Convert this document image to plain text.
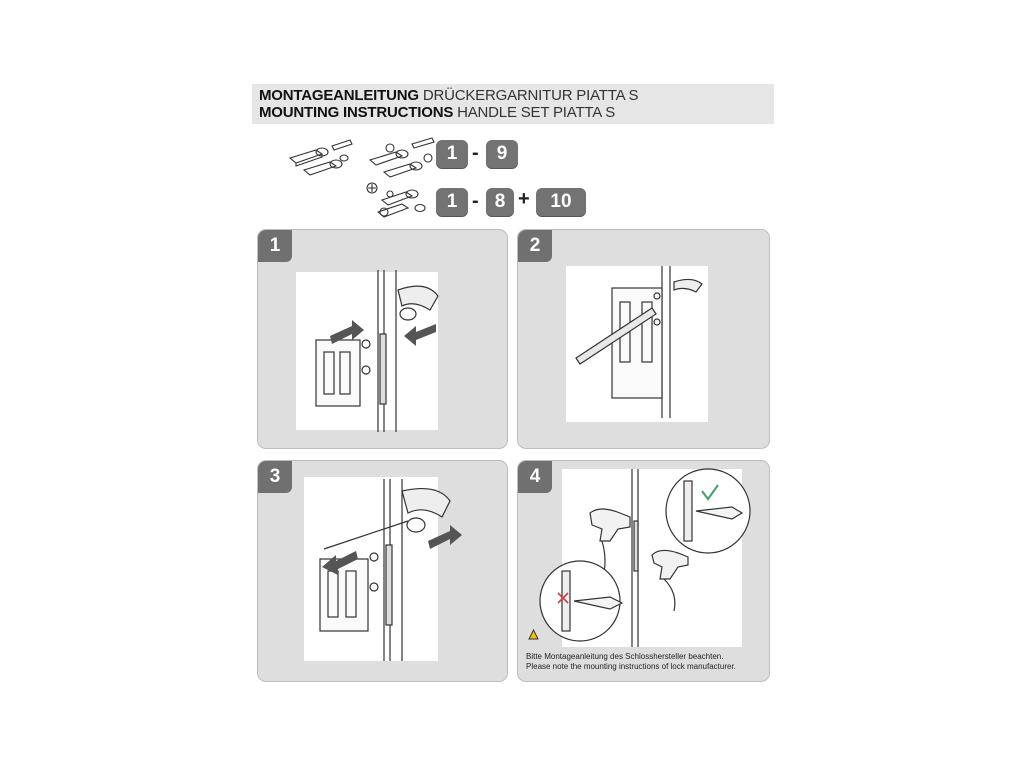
MONTAGEANLEITUNG DRÜCKERGARNITUR PIATTA S
MOUNTING INSTRUCTIONS HANDLE SET PIATTA S
1 - 9
1 - 8 +	10
1	2
3	4
Bitte Montageanleitung des Schlosshersteller beachten.
Please note the mounting instructions of lock manufacturer.
